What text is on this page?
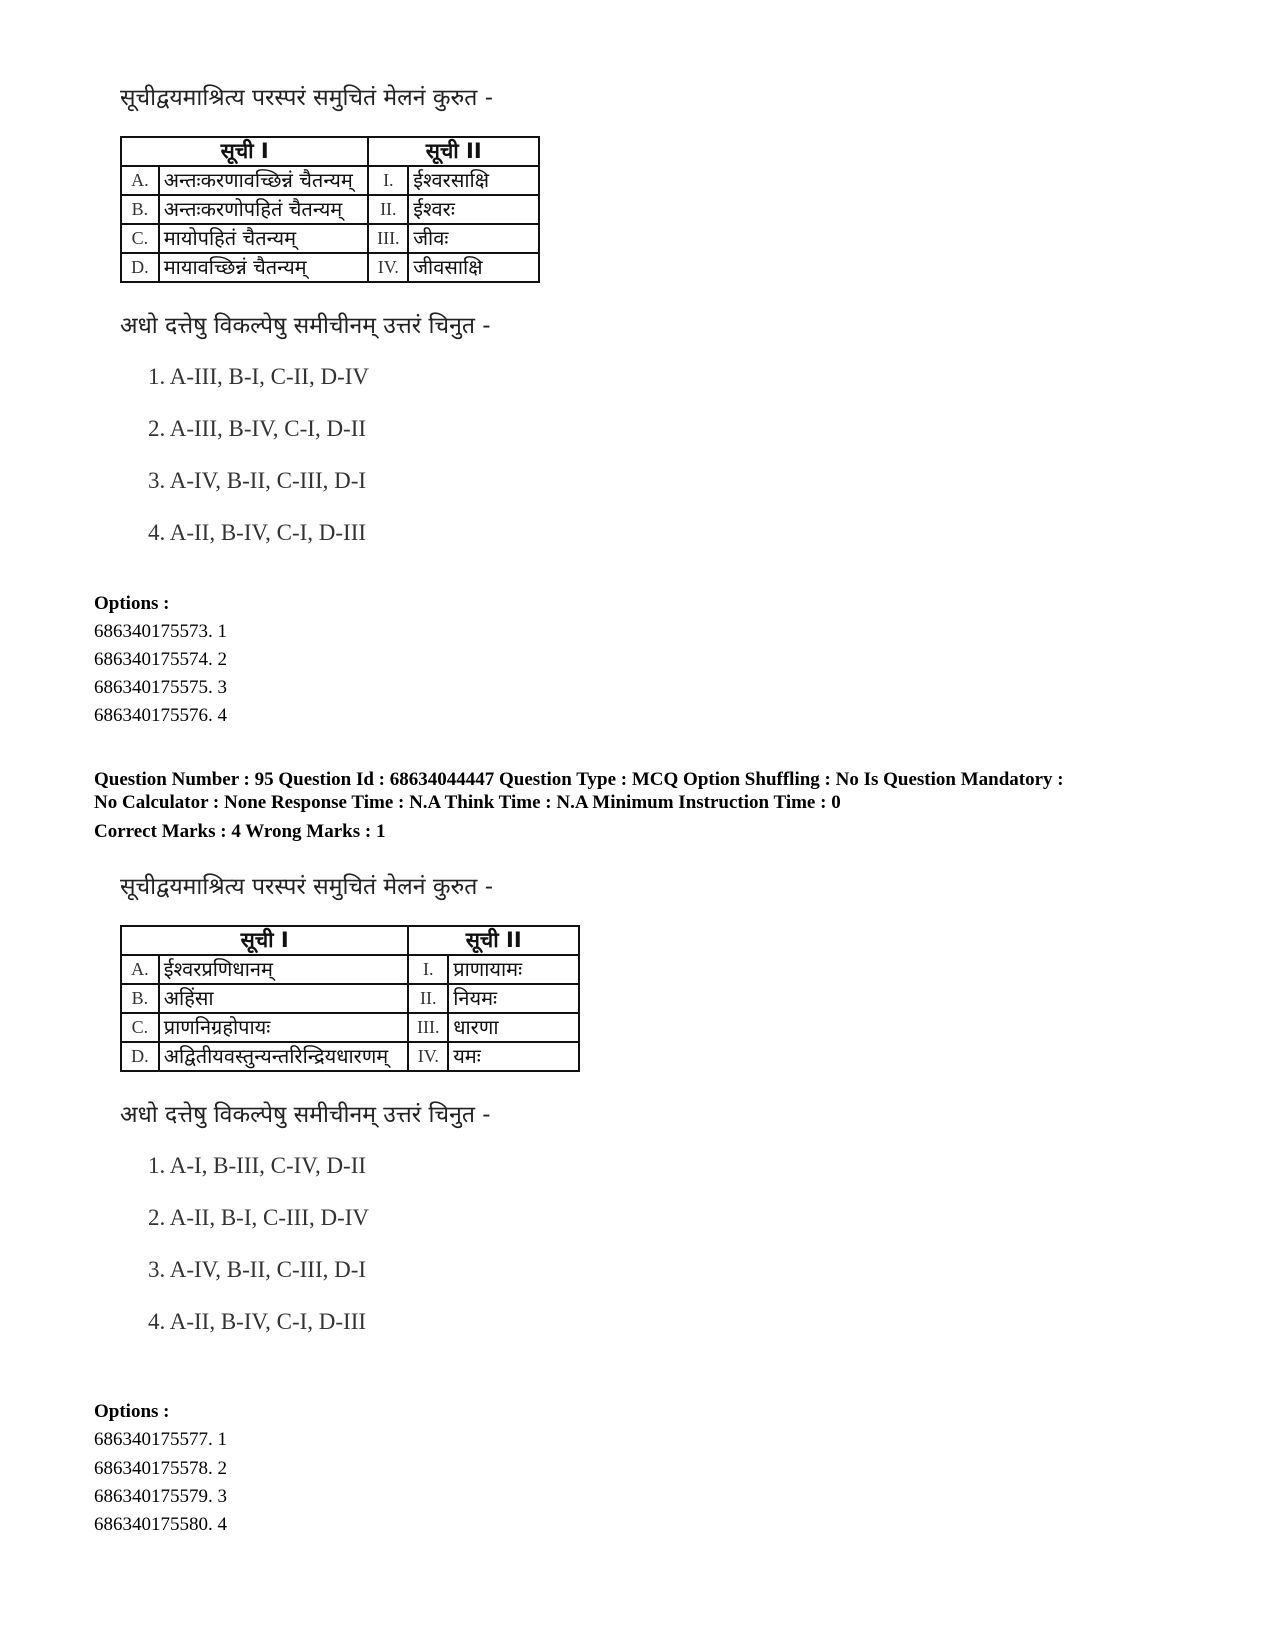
सूचीद्वयमाश्रित्य परस्परं समुचितं मेलनं कुरुत -
सूची I		सूची II	
A.	अन्तःकरणावच्छिन्नं चैतन्यम्	I.	ईश्वरसाक्षि
B.	अन्तःकरणोपहितं चैतन्यम्	II.	ईश्वरः
C.	मायोपहितं चैतन्यम्	III.	जीवः
D.	मायावच्छिन्नं चैतन्यम्	IV.	जीवसाक्षि
अधो दत्तेषु विकल्पेषु समीचीनम् उत्तरं चिनुत -
1. A-III, B-I, C-II, D-IV
2. A-III, B-IV, C-I, D-II
3. A-IV, B-II, C-III, D-I
4. A-II, B-IV, C-I, D-III
Options :
686340175573. 1
686340175574. 2
686340175575. 3
686340175576. 4
Question Number : 95 Question Id : 68634044447 Question Type : MCQ Option Shuffling : No Is Question Mandatory :
No Calculator : None Response Time : N.A Think Time : N.A Minimum Instruction Time : 0
Correct Marks : 4 Wrong Marks : 1
सूचीद्वयमाश्रित्य परस्परं समुचितं मेलनं कुरुत -
सूची I		सूची II	
A.	ईश्वरप्रणिधानम्	I.	प्राणायामः
B.	अहिंसा	II.	नियमः
C.	प्राणनिग्रहोपायः	III.	धारणा
D.	अद्वितीयवस्तुन्यन्तरिन्द्रियधारणम्	IV.	यमः
अधो दत्तेषु विकल्पेषु समीचीनम् उत्तरं चिनुत -
1. A-I, B-III, C-IV, D-II
2. A-II, B-I, C-III, D-IV
3. A-IV, B-II, C-III, D-I
4. A-II, B-IV, C-I, D-III
Options :
686340175577. 1
686340175578. 2
686340175579. 3
686340175580. 4
